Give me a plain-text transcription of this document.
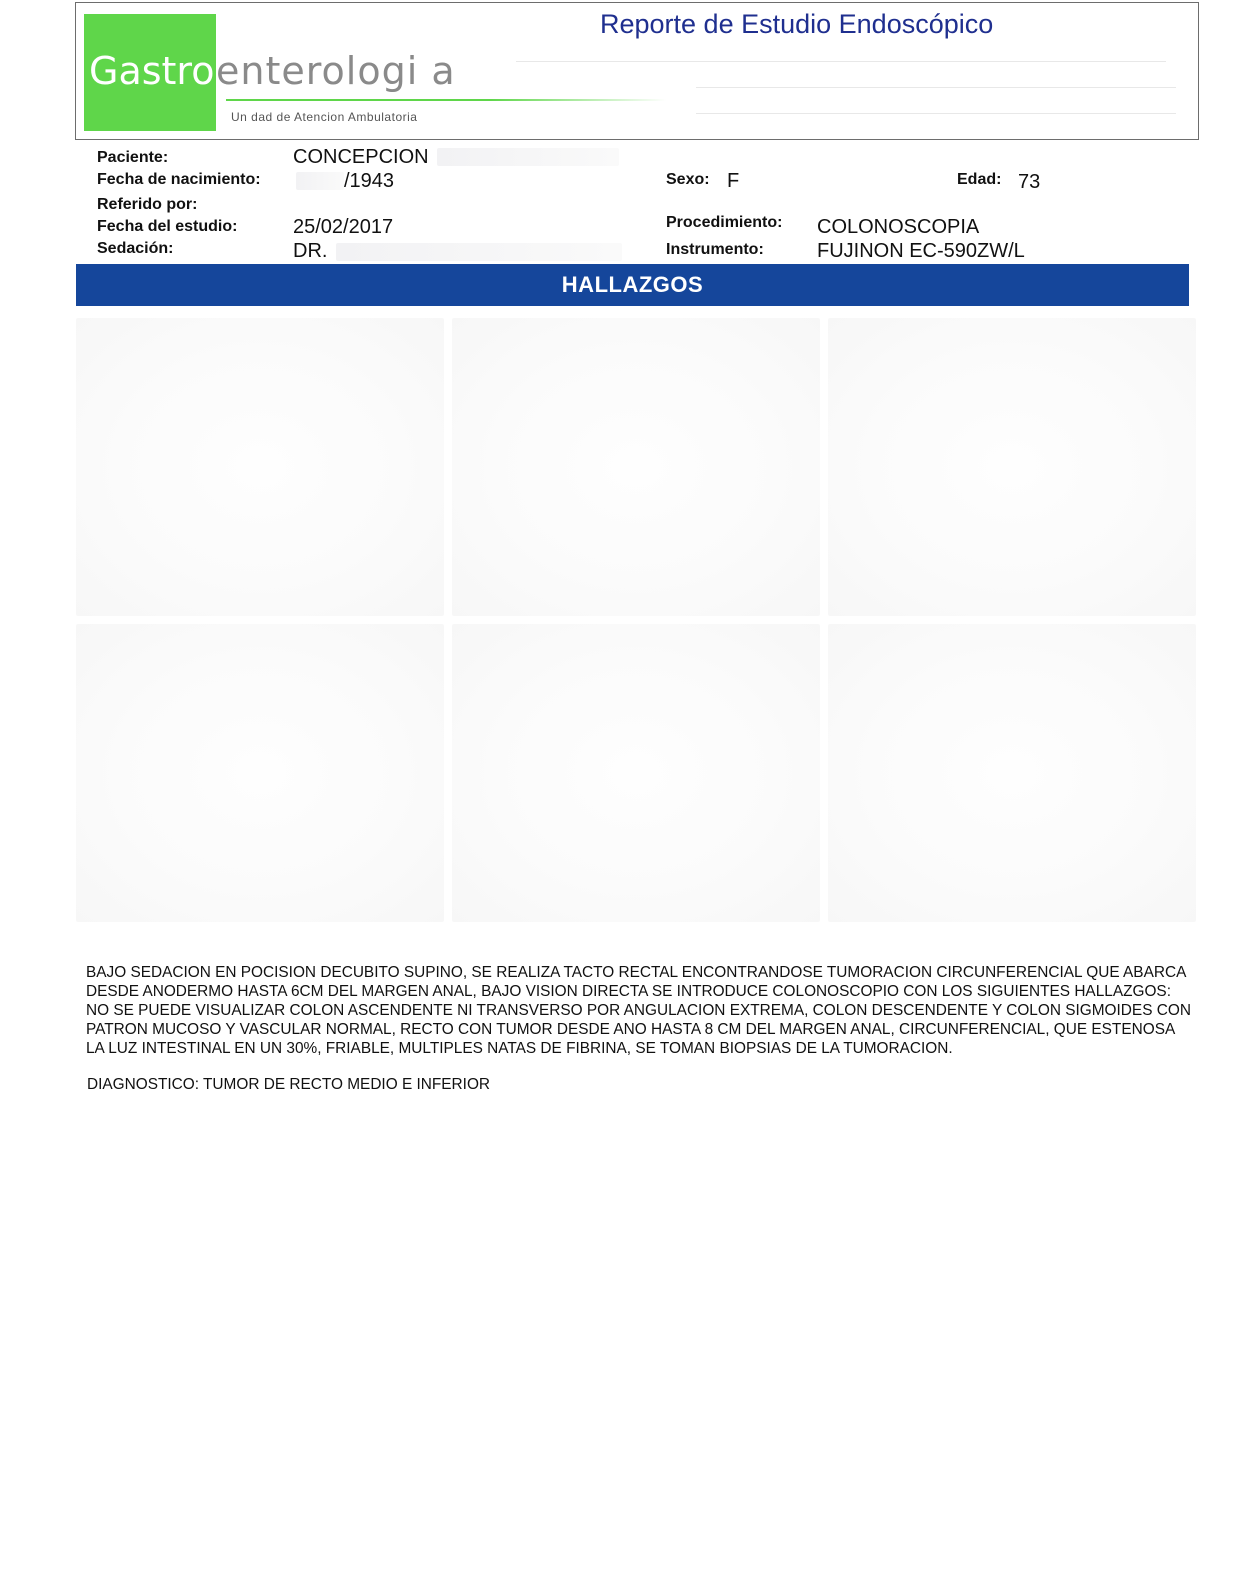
Gastro enterologi a
Un dad de Atencion Ambulatoria
Reporte de Estudio Endoscópico
Paciente:	CONCEPCION
Fecha de nacimiento:	/1943	Sexo: F	Edad: 73
Referido por:
Fecha del estudio:	25/02/2017	Procedimiento: COLONOSCOPIA
Sedación:	DR.	Instrumento:	FUJINON EC-590ZW/L
HALLAZGOS

BAJO SEDACION EN POCISION DECUBITO SUPINO, SE REALIZA TACTO RECTAL ENCONTRANDOSE TUMORACION CIRCUNFERENCIAL QUE ABARCA DESDE ANODERMO HASTA 6CM DEL MARGEN ANAL, BAJO VISION DIRECTA SE INTRODUCE COLONOSCOPIO CON LOS SIGUIENTES HALLAZGOS: NO SE PUEDE VISUALIZAR COLON ASCENDENTE NI TRANSVERSO POR ANGULACION EXTREMA, COLON DESCENDENTE Y COLON SIGMOIDES CON PATRON MUCOSO Y VASCULAR NORMAL, RECTO CON TUMOR DESDE ANO HASTA 8 CM DEL MARGEN ANAL, CIRCUNFERENCIAL, QUE ESTENOSA LA LUZ INTESTINAL EN UN 30%, FRIABLE, MULTIPLES NATAS DE FIBRINA, SE TOMAN BIOPSIAS DE LA TUMORACION.

DIAGNOSTICO: TUMOR DE RECTO MEDIO E INFERIOR
